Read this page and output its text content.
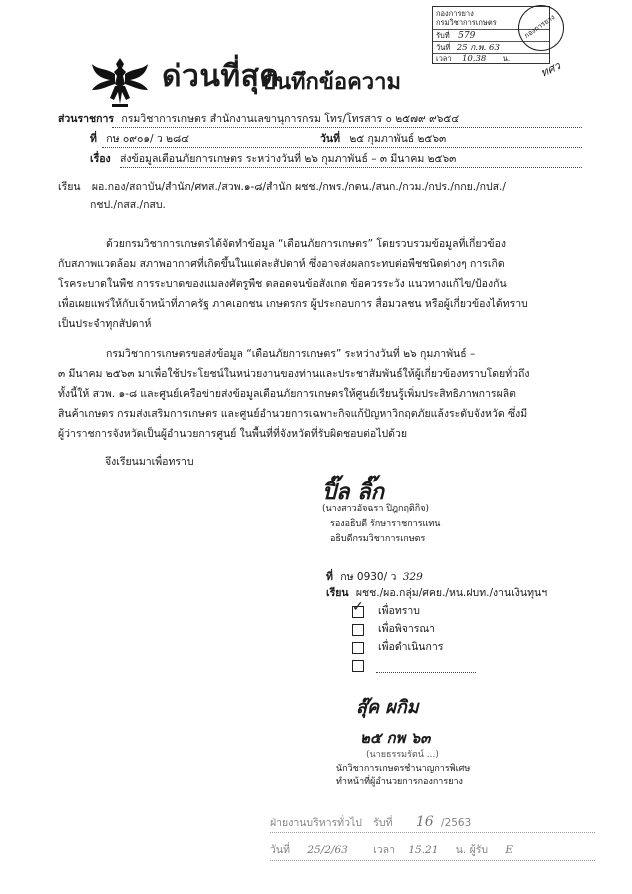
กองการยาง
กรมวิชาการเกษตร
รับที่ 579
วันที่ 25 ก.พ. 63
เวลา 10.38 น.
กองการยาง
ทศว
ด่วนที่สุด
บันทึกข้อความ
ส่วนราชการ กรมวิชาการเกษตร สำนักงานเลขานุการกรม โทร/โทรสาร ๐ ๒๕๗๙ ๙๖๕๔
ที่ กษ ๐๙๐๑/ ว ๒๘๔	วันที่ ๒๕ กุมภาพันธ์ ๒๕๖๓
เรื่อง ส่งข้อมูลเตือนภัยการเกษตร ระหว่างวันที่ ๒๖ กุมภาพันธ์ – ๓ มีนาคม ๒๕๖๓
เรียน ผอ.กอง/สถาบัน/สำนัก/ศทส./สวพ.๑-๘/สำนัก ผชช./กพร./กตน./สนก./กวม./กปร./กกย./กปส./
กชป./กสส./กสบ.
ด้วยกรมวิชาการเกษตรได้จัดทำข้อมูล “เตือนภัยการเกษตร” โดยรวบรวมข้อมูลที่เกี่ยวข้อง
กับสภาพแวดล้อม สภาพอากาศที่เกิดขึ้นในแต่ละสัปดาห์ ซึ่งอาจส่งผลกระทบต่อพืชชนิดต่างๆ การเกิด
โรคระบาดในพืช การระบาดของแมลงศัตรูพืช ตลอดจนข้อสังเกต ข้อควรระวัง แนวทางแก้ไข/ป้องกัน
เพื่อเผยแพร่ให้กับเจ้าหน้าที่ภาครัฐ ภาคเอกชน เกษตรกร ผู้ประกอบการ สื่อมวลชน หรือผู้เกี่ยวข้องได้ทราบ
เป็นประจำทุกสัปดาห์
กรมวิชาการเกษตรขอส่งข้อมูล “เตือนภัยการเกษตร” ระหว่างวันที่ ๒๖ กุมภาพันธ์ –
๓ มีนาคม ๒๕๖๓ มาเพื่อใช้ประโยชน์ในหน่วยงานของท่านและประชาสัมพันธ์ให้ผู้เกี่ยวข้องทราบโดยทั่วถึง
ทั้งนี้ให้ สวพ. ๑-๘ และศูนย์เครือข่ายส่งข้อมูลเตือนภัยการเกษตรให้ศูนย์เรียนรู้เพิ่มประสิทธิภาพการผลิต
สินค้าเกษตร กรมส่งเสริมการเกษตร และศูนย์อำนวยการเฉพาะกิจแก้ปัญหาวิกฤตภัยแล้งระดับจังหวัด ซึ่งมี
ผู้ว่าราชการจังหวัดเป็นผู้อำนวยการศูนย์ ในพื้นที่ที่จังหวัดที่รับผิดชอบต่อไปด้วย
จึงเรียนมาเพื่อทราบ
ปิ๊ล ลิ๊ก
(นางสาวอัจฉรา ปิฎกฤติกิจ)
รองอธิบดี รักษาราชการแทน
อธิบดีกรมวิชาการเกษตร
ที่ กษ 0930/ ว 329
เรียน ผชช./ผอ.กลุ่ม/ศคย./หน.ฝบท./งานเงินทุนฯ
✓ เพื่อทราบ
เพื่อพิจารณา
เพื่อดำเนินการ
สุ๊ค ผกิม
๒๕ กพ ๖๓
(นายธรรมรัตน์ ...)
นักวิชาการเกษตรชำนาญการพิเศษ
ทำหน้าที่ผู้อำนวยการกองการยาง
ฝ่ายงานบริหารทั่วไป รับที่ 16 /2563
วันที่ 25/2/63 เวลา 15.21 น. ผู้รับ E
